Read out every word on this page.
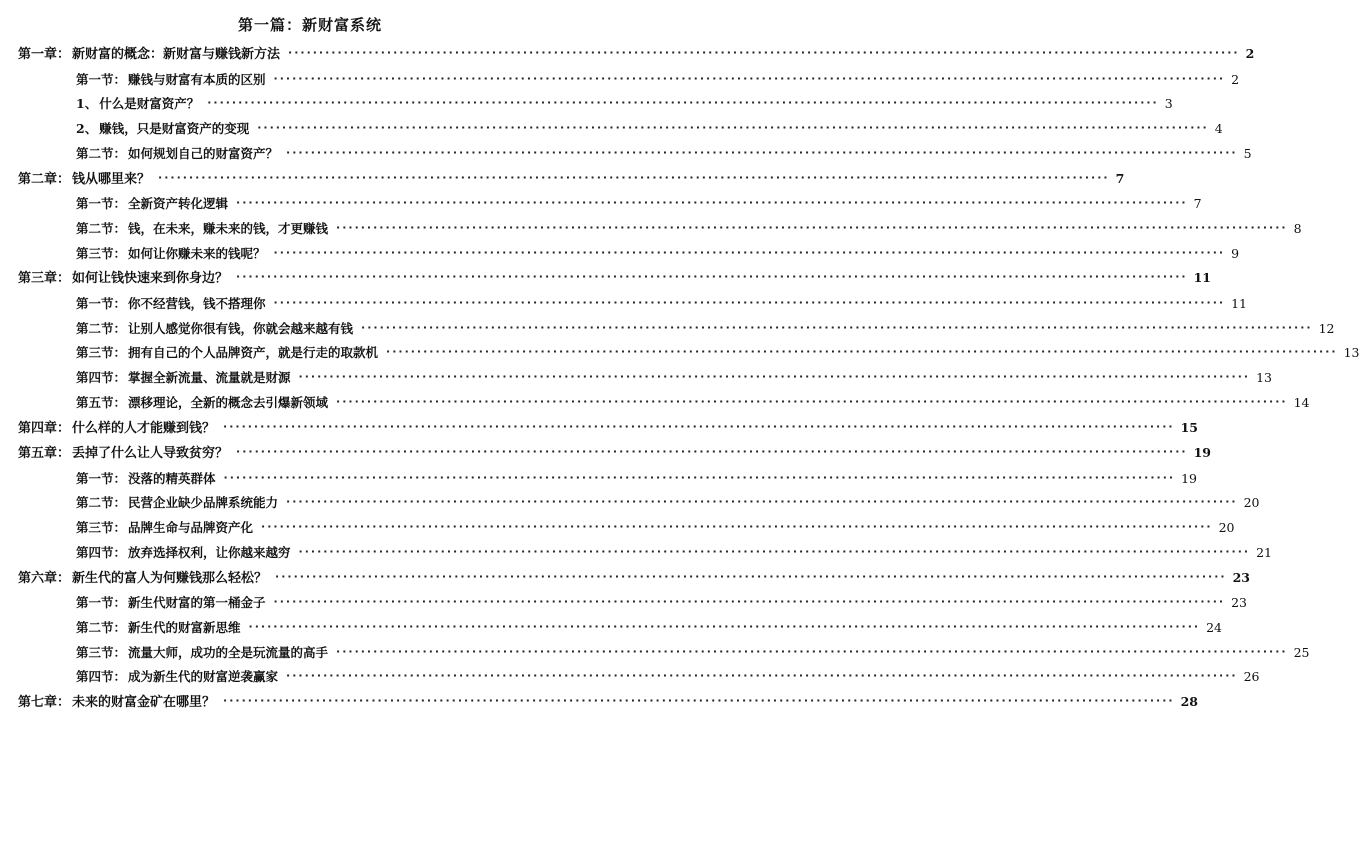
第一篇：新财富系统
第一章： 新财富的概念：新财富与赚钱新方法 ·····	2
第一节： 赚钱与财富有本质的区别 ·····	2
1、 什么是财富资产？ ·····	3
2、 赚钱，只是财富资产的变现 ·····	4
第二节： 如何规划自己的财富资产？ ·····	5
第二章： 钱从哪里来？ ·····	7
第一节： 全新资产转化逻辑 ·····	7
第二节： 钱，在未来，赚未来的钱，才更赚钱 ·····	8
第三节： 如何让你赚未来的钱呢？ ·····	9
第三章： 如何让钱快速来到你身边？ ·····	11
第一节： 你不经营钱，钱不搭理你 ·····	11
第二节： 让别人感觉你很有钱，你就会越来越有钱 ·····	12
第三节： 拥有自己的个人品牌资产，就是行走的取款机 ·····	13
第四节： 掌握全新流量、流量就是财源 ·····	13
第五节： 漂移理论，全新的概念去引爆新领域 ·····	14
第四章： 什么样的人才能赚到钱？ ·····	15
第五章： 丢掉了什么让人导致贫穷？ ·····	19
第一节： 没落的精英群体 ·····	19
第二节： 民营企业缺少品牌系统能力 ·····	20
第三节： 品牌生命与品牌资产化 ·····	20
第四节： 放弃选择权利，让你越来越穷 ·····	21
第六章： 新生代的富人为何赚钱那么轻松？ ·····	23
第一节： 新生代财富的第一桶金子 ·····	23
第二节： 新生代的财富新思维 ·····	24
第三节： 流量大师，成功的全是玩流量的高手 ·····	25
第四节： 成为新生代的财富逆袭赢家 ·····	26
第七章： 未来的财富金矿在哪里？ ·····	28
